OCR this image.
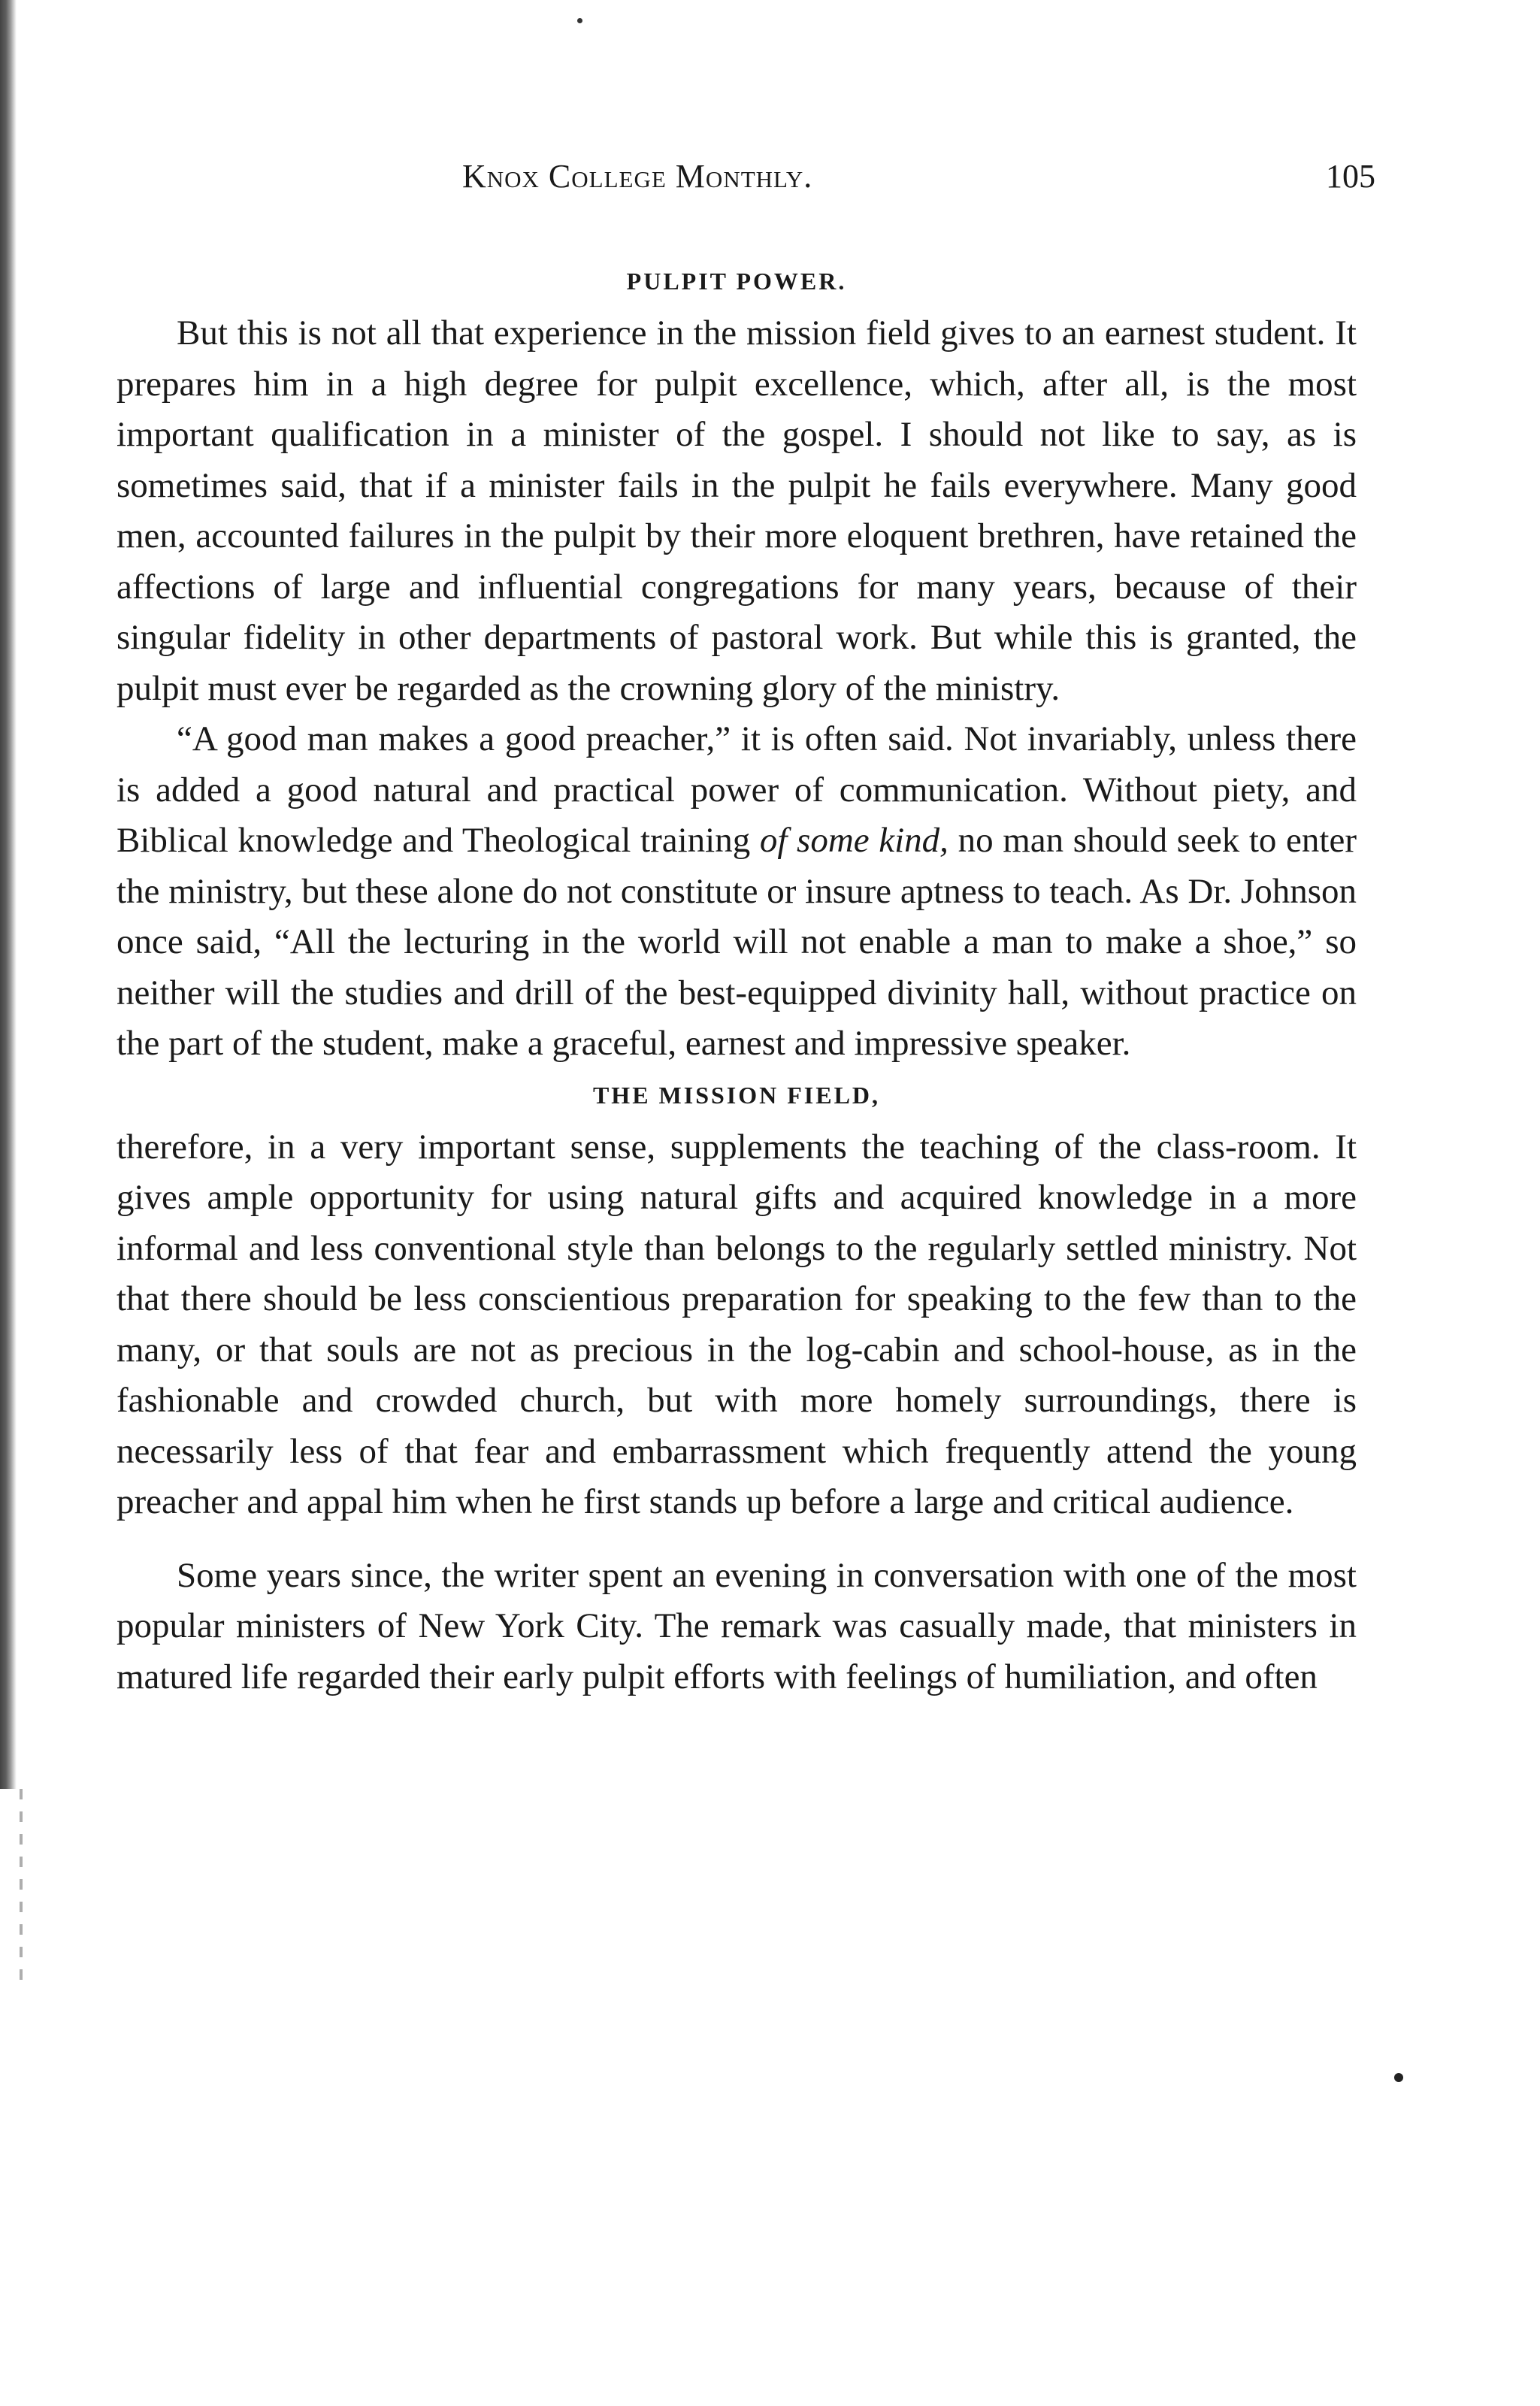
Knox College Monthly.	105
PULPIT POWER.

But this is not all that experience in the mission field gives to an earnest student. It prepares him in a high degree for pulpit excellence, which, after all, is the most important qualification in a minister of the gospel. I should not like to say, as is sometimes said, that if a minister fails in the pulpit he fails everywhere. Many good men, accounted failures in the pulpit by their more eloquent brethren, have retained the affections of large and influential congregations for many years, because of their singular fidelity in other departments of pastoral work. But while this is granted, the pulpit must ever be regarded as the crowning glory of the ministry.

“A good man makes a good preacher,” it is often said. Not invariably, unless there is added a good natural and practical power of communication. Without piety, and Biblical knowledge and Theological training of some kind, no man should seek to enter the ministry, but these alone do not constitute or insure aptness to teach. As Dr. Johnson once said, “All the lecturing in the world will not enable a man to make a shoe,” so neither will the studies and drill of the best-equipped divinity hall, without practice on the part of the student, make a graceful, earnest and impressive speaker.

THE MISSION FIELD,

therefore, in a very important sense, supplements the teaching of the class-room. It gives ample opportunity for using natural gifts and acquired knowledge in a more informal and less conventional style than belongs to the regularly settled ministry. Not that there should be less conscientious preparation for speaking to the few than to the many, or that souls are not as precious in the log-cabin and school-house, as in the fashionable and crowded church, but with more homely surroundings, there is necessarily less of that fear and embarrassment which frequently attend the young preacher and appal him when he first stands up before a large and critical audience.

Some years since, the writer spent an evening in conversation with one of the most popular ministers of New York City. The remark was casually made, that ministers in matured life regarded their early pulpit efforts with feelings of humiliation, and often
